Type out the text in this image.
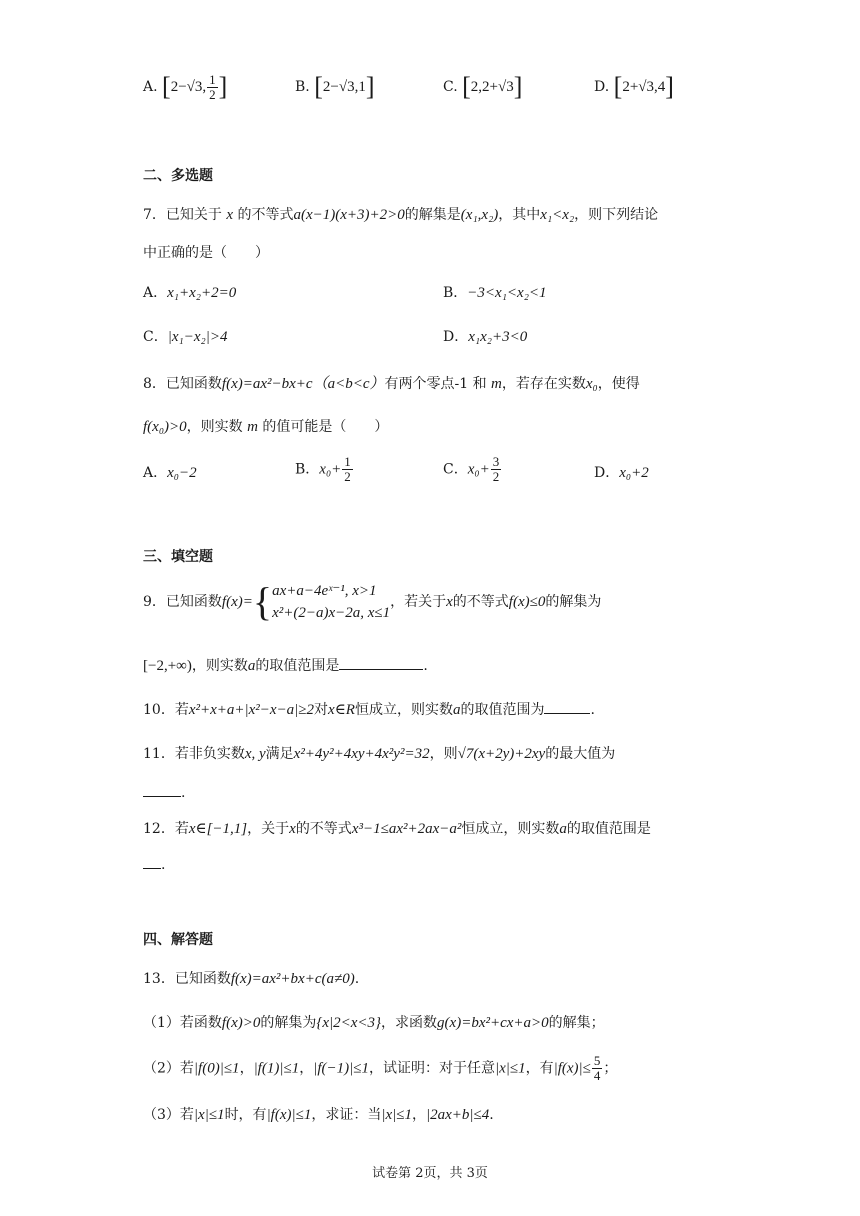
A. [2−√3, $\frac{1}{2}$ ]	B. [2−√3,1]	C. [2,2+√3]	D. [2+√3,4]
二、多选题
7．已知关于 x 的不等式a(x−1)(x+3)+2>0的解集是(x₁,x₂)，其中x₁<x₂，则下列结论
中正确的是（　　）
A．x₁+x₂+2=0	B．−3<x₁<x₂<1
C．|x₁−x₂|>4	D．x₁x₂+3<0
8．已知函数f(x)=ax²−bx+c（a<b<c）有两个零点-1 和 m，若存在实数x₀，使得
f(x₀)>0，则实数 m 的值可能是（　　）
A．x₀−2	B．$x_0+ \frac{1}{2}$	C．$x_0+ \frac{3}{2}$	D．x₀+2
三、填空题
9．已知函数f(x)={ ax+a−4eˣ⁻¹, x>1
x²+(2−a)x−2a, x≤1
，若关于x的不等式f(x)≤0的解集为
[−2,+∞)，则实数a的取值范围是	.
10．若x²+x+a+|x²−x−a|≥2对x∈R恒成立，则实数a的取值范围为	.
11．若非负实数x, y满足x²+4y²+4xy+4x²y²=32，则√7(x+2y)+2xy的最大值为
.
12．若x∈[−1,1]，关于x的不等式x³−1≤ax²+2ax−a²恒成立，则实数a的取值范围是
.
四、解答题
13．已知函数f(x)=ax²+bx+c(a≠0).
（1）若函数f(x)>0的解集为{x|2<x<3}，求函数g(x)=bx²+cx+a>0的解集；
（2）若|f(0)|≤1，|f(1)|≤1，|f(−1)|≤1，试证明：对于任意|x|≤1，有$|f(x)|\le \frac{5}{4}$ ；
（3）若|x|≤1时，有|f(x)|≤1，求证：当|x|≤1，|2ax+b|≤4.
试卷第 2页，共 3页
